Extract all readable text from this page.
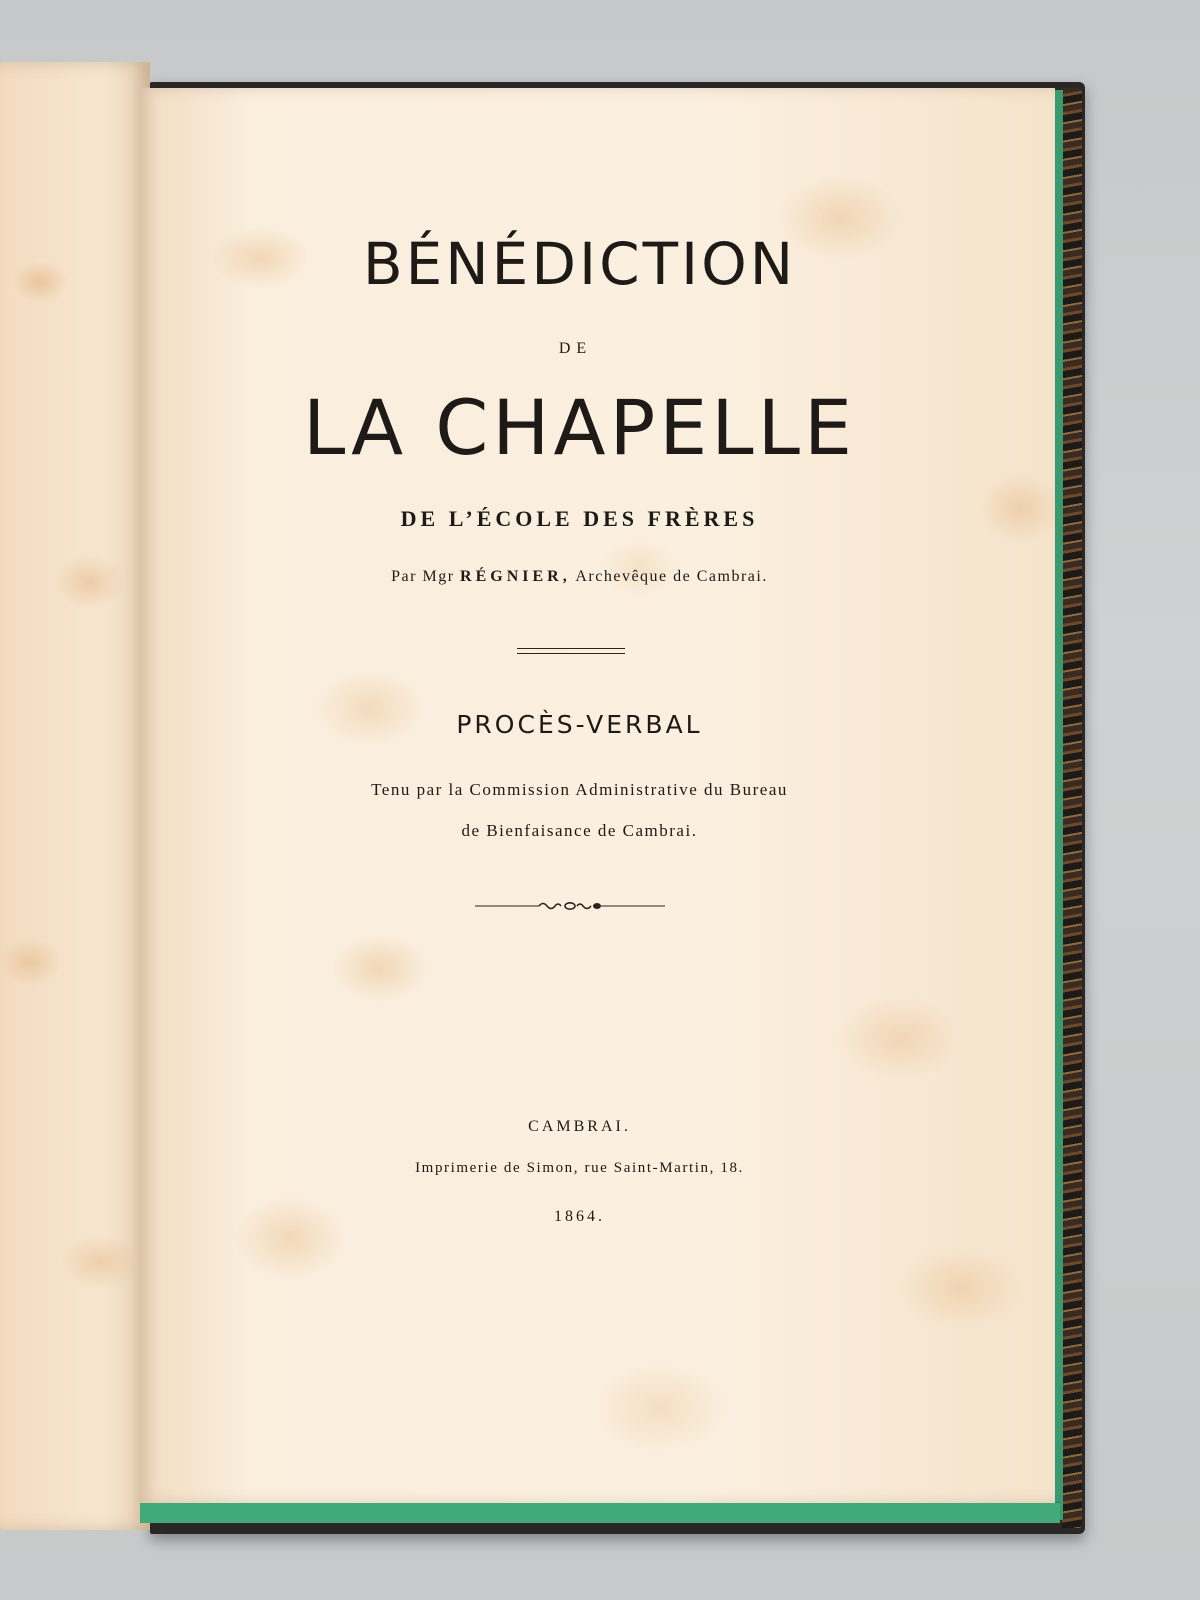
BÉNÉDICTION
DE
LA CHAPELLE
DE L’ÉCOLE DES FRÈRES
Par Mgr RÉGNIER, Archevêque de Cambrai.
PROCÈS-VERBAL
Tenu par la Commission Administrative du Bureau
de Bienfaisance de Cambrai.
CAMBRAI.
Imprimerie de Simon, rue Saint-Martin, 18.
1864.
